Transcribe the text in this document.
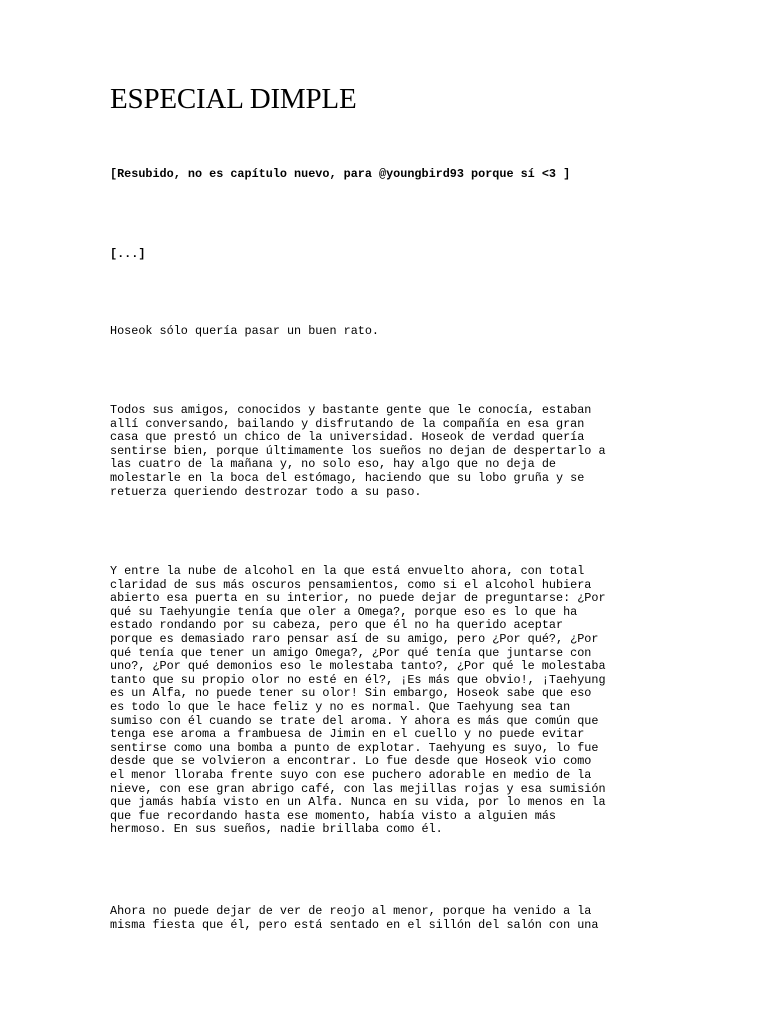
ESPECIAL DIMPLE

[Resubido, no es capítulo nuevo, para @youngbird93 porque sí <3 ]

[...]

Hoseok sólo quería pasar un buen rato.
Todos sus amigos, conocidos y bastante gente que le conocía, estaban
allí conversando, bailando y disfrutando de la compañía en esa gran
casa que prestó un chico de la universidad. Hoseok de verdad quería
sentirse bien, porque últimamente los sueños no dejan de despertarlo a
las cuatro de la mañana y, no solo eso, hay algo que no deja de
molestarle en la boca del estómago, haciendo que su lobo gruña y se
retuerza queriendo destrozar todo a su paso.
Y entre la nube de alcohol en la que está envuelto ahora, con total
claridad de sus más oscuros pensamientos, como si el alcohol hubiera
abierto esa puerta en su interior, no puede dejar de preguntarse: ¿Por
qué su Taehyungie tenía que oler a Omega?, porque eso es lo que ha
estado rondando por su cabeza, pero que él no ha querido aceptar
porque es demasiado raro pensar así de su amigo, pero ¿Por qué?, ¿Por
qué tenía que tener un amigo Omega?, ¿Por qué tenía que juntarse con
uno?, ¿Por qué demonios eso le molestaba tanto?, ¿Por qué le molestaba
tanto que su propio olor no esté en él?, ¡Es más que obvio!, ¡Taehyung
es un Alfa, no puede tener su olor! Sin embargo, Hoseok sabe que eso
es todo lo que le hace feliz y no es normal. Que Taehyung sea tan
sumiso con él cuando se trate del aroma. Y ahora es más que común que
tenga ese aroma a frambuesa de Jimin en el cuello y no puede evitar
sentirse como una bomba a punto de explotar. Taehyung es suyo, lo fue
desde que se volvieron a encontrar. Lo fue desde que Hoseok vio como
el menor lloraba frente suyo con ese puchero adorable en medio de la
nieve, con ese gran abrigo café, con las mejillas rojas y esa sumisión
que jamás había visto en un Alfa. Nunca en su vida, por lo menos en la
que fue recordando hasta ese momento, había visto a alguien más
hermoso. En sus sueños, nadie brillaba como él.
Ahora no puede dejar de ver de reojo al menor, porque ha venido a la
misma fiesta que él, pero está sentado en el sillón del salón con una
